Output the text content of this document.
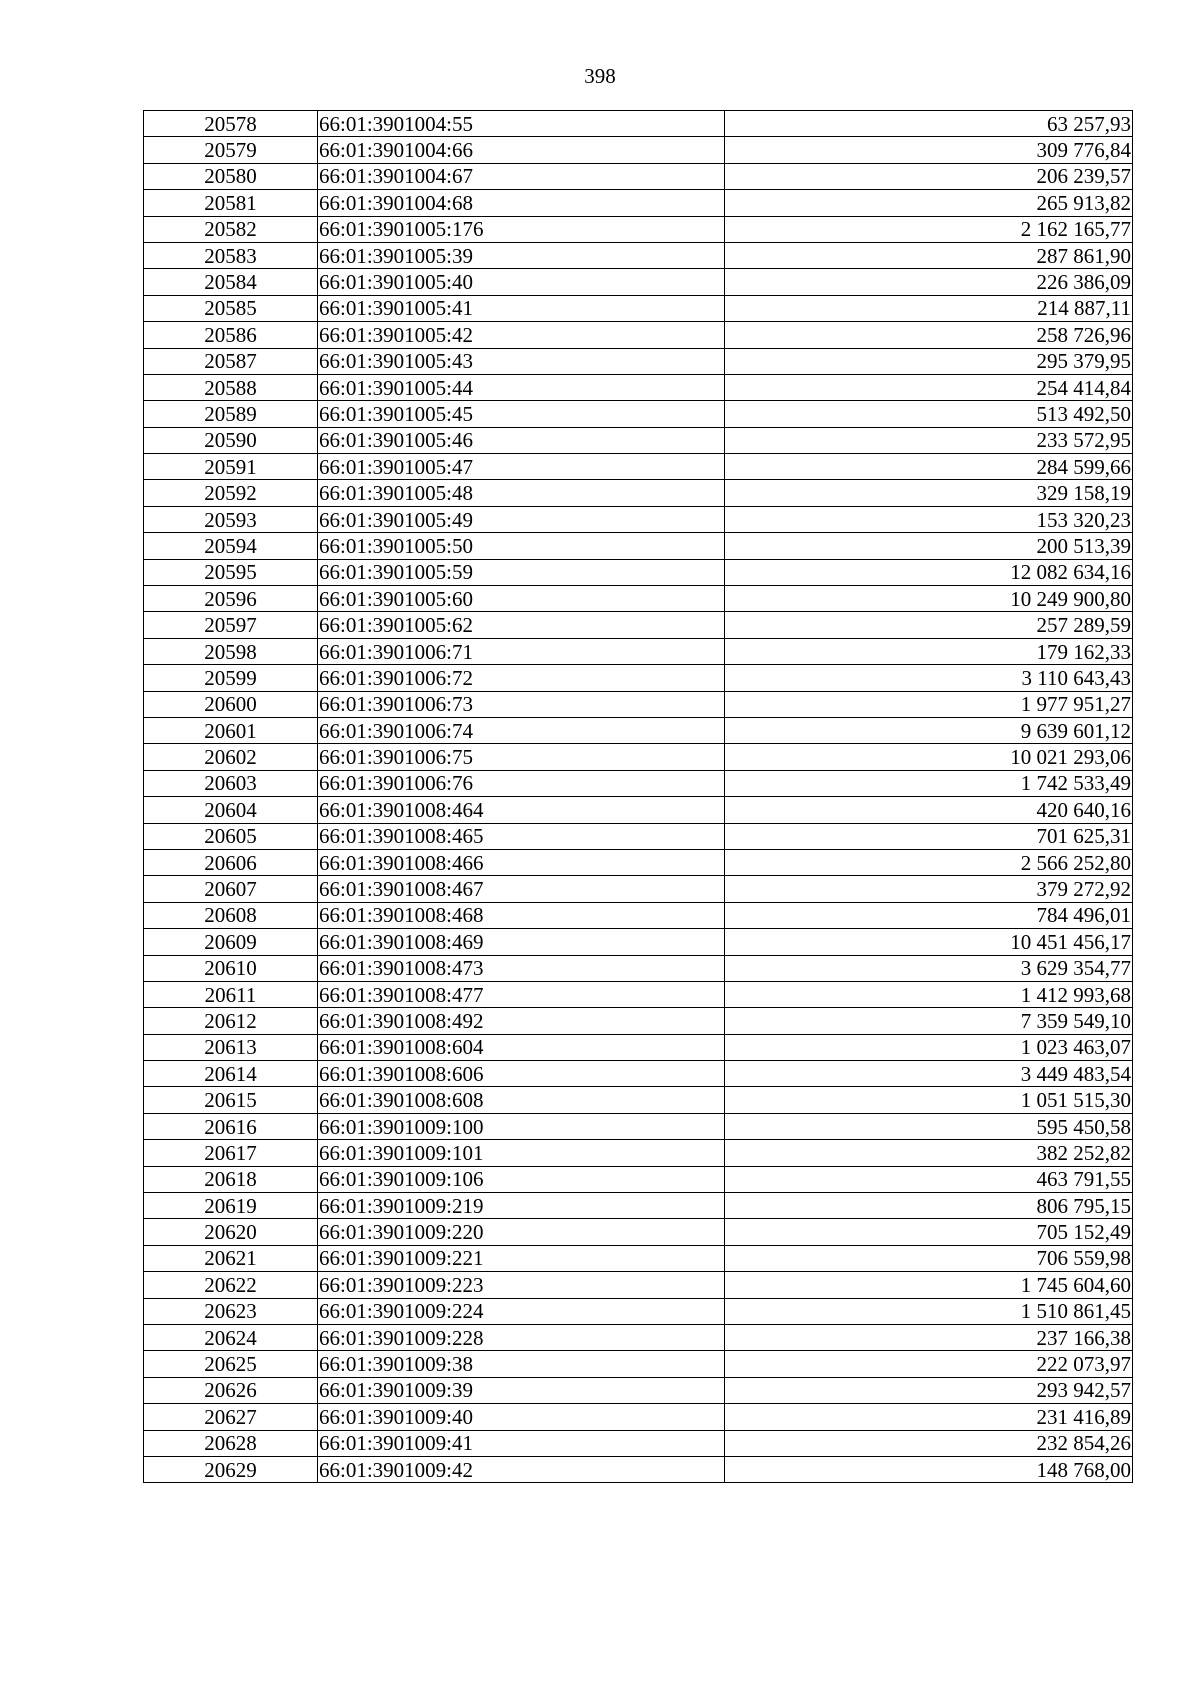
398
20578	66:01:3901004:55	63 257,93
20579	66:01:3901004:66	309 776,84
20580	66:01:3901004:67	206 239,57
20581	66:01:3901004:68	265 913,82
20582	66:01:3901005:176	2 162 165,77
20583	66:01:3901005:39	287 861,90
20584	66:01:3901005:40	226 386,09
20585	66:01:3901005:41	214 887,11
20586	66:01:3901005:42	258 726,96
20587	66:01:3901005:43	295 379,95
20588	66:01:3901005:44	254 414,84
20589	66:01:3901005:45	513 492,50
20590	66:01:3901005:46	233 572,95
20591	66:01:3901005:47	284 599,66
20592	66:01:3901005:48	329 158,19
20593	66:01:3901005:49	153 320,23
20594	66:01:3901005:50	200 513,39
20595	66:01:3901005:59	12 082 634,16
20596	66:01:3901005:60	10 249 900,80
20597	66:01:3901005:62	257 289,59
20598	66:01:3901006:71	179 162,33
20599	66:01:3901006:72	3 110 643,43
20600	66:01:3901006:73	1 977 951,27
20601	66:01:3901006:74	9 639 601,12
20602	66:01:3901006:75	10 021 293,06
20603	66:01:3901006:76	1 742 533,49
20604	66:01:3901008:464	420 640,16
20605	66:01:3901008:465	701 625,31
20606	66:01:3901008:466	2 566 252,80
20607	66:01:3901008:467	379 272,92
20608	66:01:3901008:468	784 496,01
20609	66:01:3901008:469	10 451 456,17
20610	66:01:3901008:473	3 629 354,77
20611	66:01:3901008:477	1 412 993,68
20612	66:01:3901008:492	7 359 549,10
20613	66:01:3901008:604	1 023 463,07
20614	66:01:3901008:606	3 449 483,54
20615	66:01:3901008:608	1 051 515,30
20616	66:01:3901009:100	595 450,58
20617	66:01:3901009:101	382 252,82
20618	66:01:3901009:106	463 791,55
20619	66:01:3901009:219	806 795,15
20620	66:01:3901009:220	705 152,49
20621	66:01:3901009:221	706 559,98
20622	66:01:3901009:223	1 745 604,60
20623	66:01:3901009:224	1 510 861,45
20624	66:01:3901009:228	237 166,38
20625	66:01:3901009:38	222 073,97
20626	66:01:3901009:39	293 942,57
20627	66:01:3901009:40	231 416,89
20628	66:01:3901009:41	232 854,26
20629	66:01:3901009:42	148 768,00
